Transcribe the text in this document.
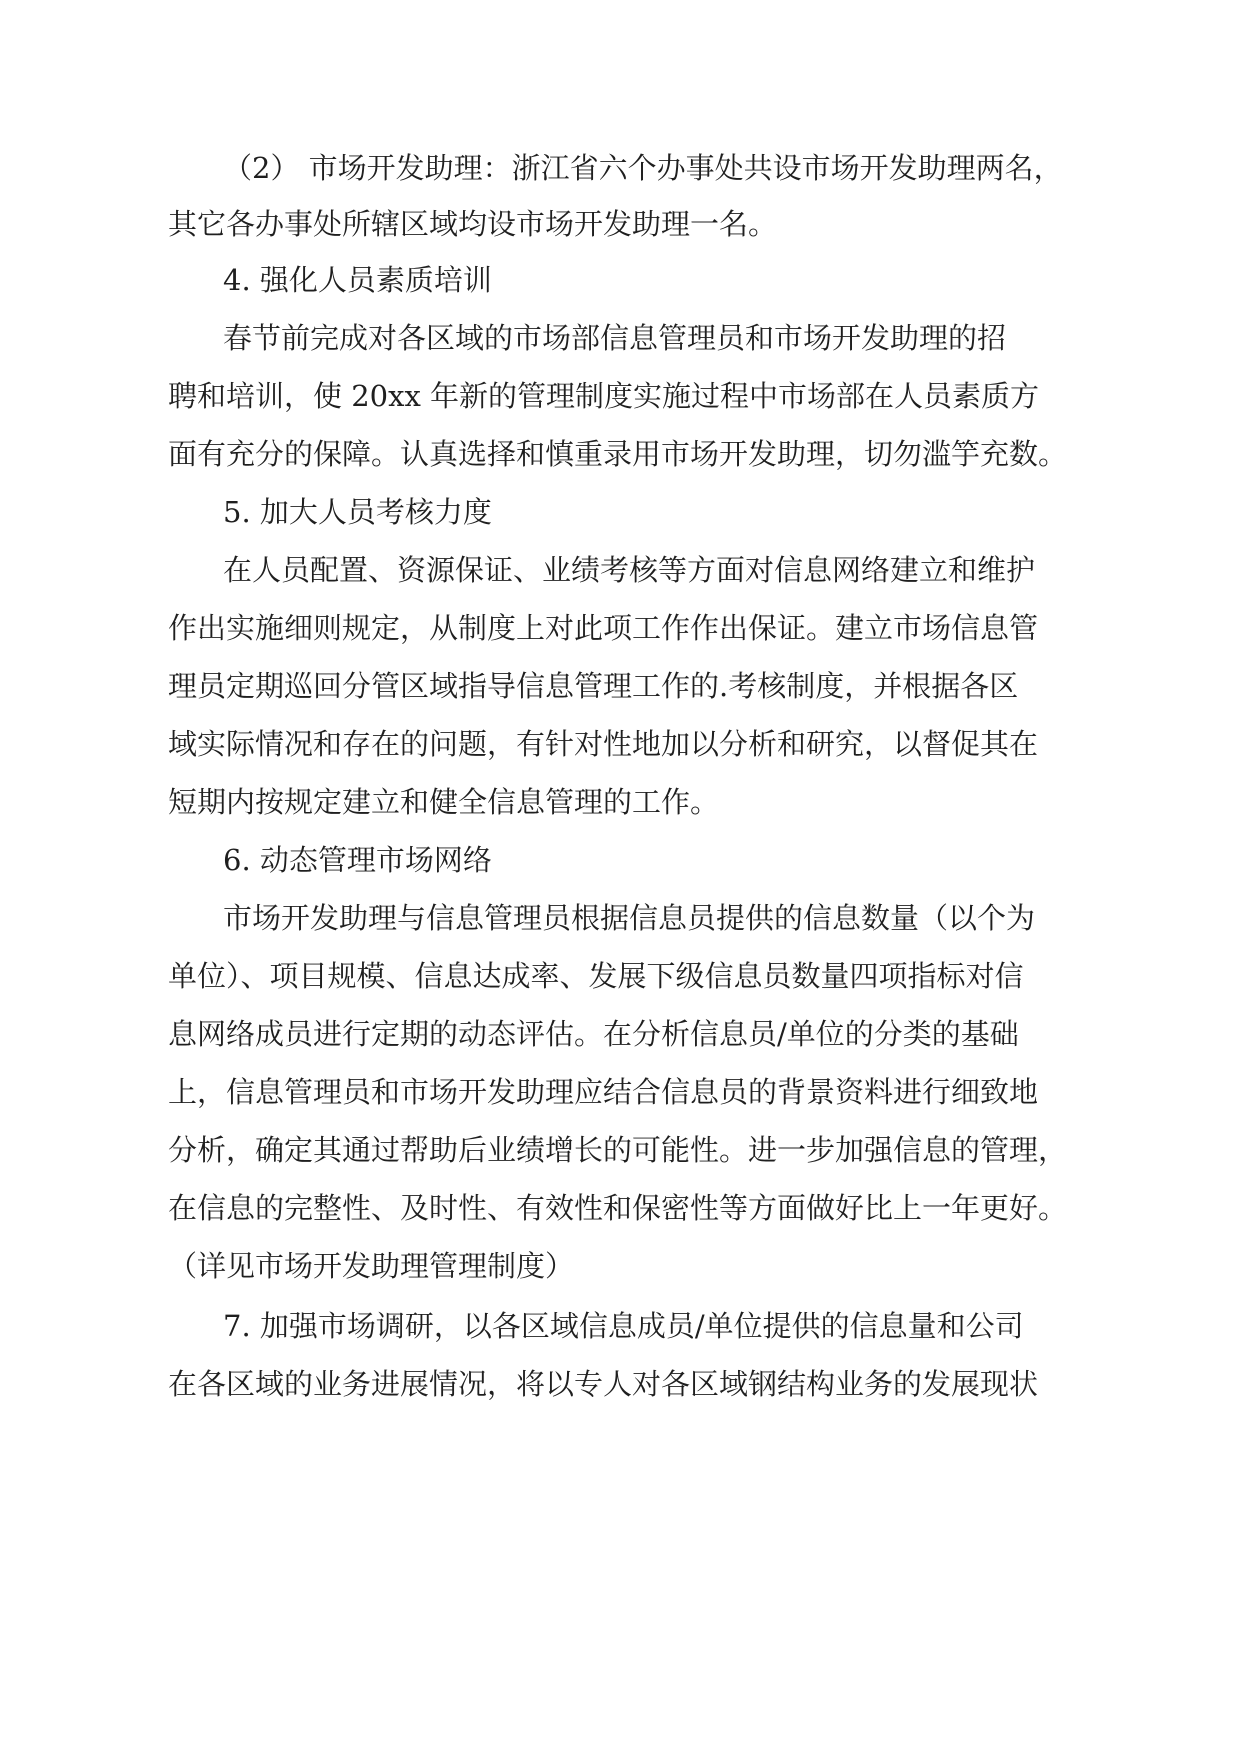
（2） 市场开发助理：浙江省六个办事处共设市场开发助理两名，
其它各办事处所辖区域均设市场开发助理一名。
4. 强化人员素质培训
春节前完成对各区域的市场部信息管理员和市场开发助理的招
聘和培训，使 20xx 年新的管理制度实施过程中市场部在人员素质方
面有充分的保障。认真选择和慎重录用市场开发助理，切勿滥竽充数。
5. 加大人员考核力度
在人员配置、资源保证、业绩考核等方面对信息网络建立和维护
作出实施细则规定，从制度上对此项工作作出保证。建立市场信息管
理员定期巡回分管区域指导信息管理工作的.考核制度，并根据各区
域实际情况和存在的问题，有针对性地加以分析和研究，以督促其在
短期内按规定建立和健全信息管理的工作。
6. 动态管理市场网络
市场开发助理与信息管理员根据信息员提供的信息数量（以个为
单位）、项目规模、信息达成率、发展下级信息员数量四项指标对信
息网络成员进行定期的动态评估。在分析信息员/单位的分类的基础
上，信息管理员和市场开发助理应结合信息员的背景资料进行细致地
分析，确定其通过帮助后业绩增长的可能性。进一步加强信息的管理，
在信息的完整性、及时性、有效性和保密性等方面做好比上一年更好。
（详见市场开发助理管理制度）
7. 加强市场调研，以各区域信息成员/单位提供的信息量和公司
在各区域的业务进展情况，将以专人对各区域钢结构业务的发展现状
